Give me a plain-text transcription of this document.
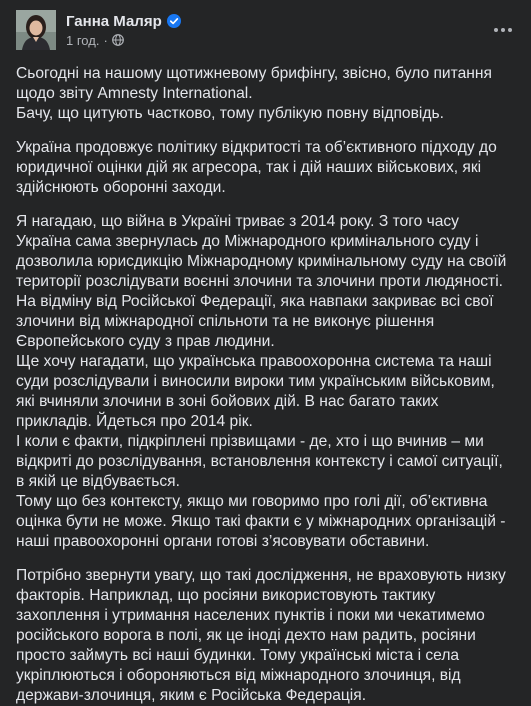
Ганна Маляр
1 год. ·

Сьогодні на нашому щотижневому брифінгу, звісно, було питання щодо звіту Amnesty International.
Бачу, що цитують частково, тому публікую повну відповідь.

Україна продовжує політику відкритості та об’єктивного підходу до юридичної оцінки дій як агресора, так і дій наших військових, які здійснюють оборонні заходи.

Я нагадаю, що війна в Україні триває з 2014 року. З того часу Україна сама звернулась до Міжнародного кримінального суду і дозволила юрисдикцію Міжнародному кримінальному суду на своїй території розслідувати воєнні злочини та злочини проти людяності. На відміну від Російської Федерації, яка навпаки закриває всі свої злочини від міжнародної спільноти та не виконує рішення Європейського суду з прав людини.
Ще хочу нагадати, що українська правоохоронна система та наші суди розслідували і виносили вироки тим українським військовим, які вчиняли злочини в зоні бойових дій. В нас багато таких прикладів. Йдеться про 2014 рік.
І коли є факти, підкріплені прізвищами - де, хто і що вчинив – ми відкриті до розслідування, встановлення контексту і самої ситуації, в якій це відбувається.
Тому що без контексту, якщо ми говоримо про голі дії, об’єктивна оцінка бути не може. Якщо такі факти є у міжнародних організацій - наші правоохоронні органи готові з’ясовувати обставини.

Потрібно звернути увагу, що такі дослідження, не враховують низку факторів. Наприклад, що росіяни використовують тактику захоплення і утримання населених пунктів і поки ми чекатимемо російського ворога в полі, як це іноді дехто нам радить, росіяни просто займуть всі наші будинки. Тому українські міста і села укріплюються і обороняються від міжнародного злочинця, від держави-злочинця, яким є Російська Федерація.
